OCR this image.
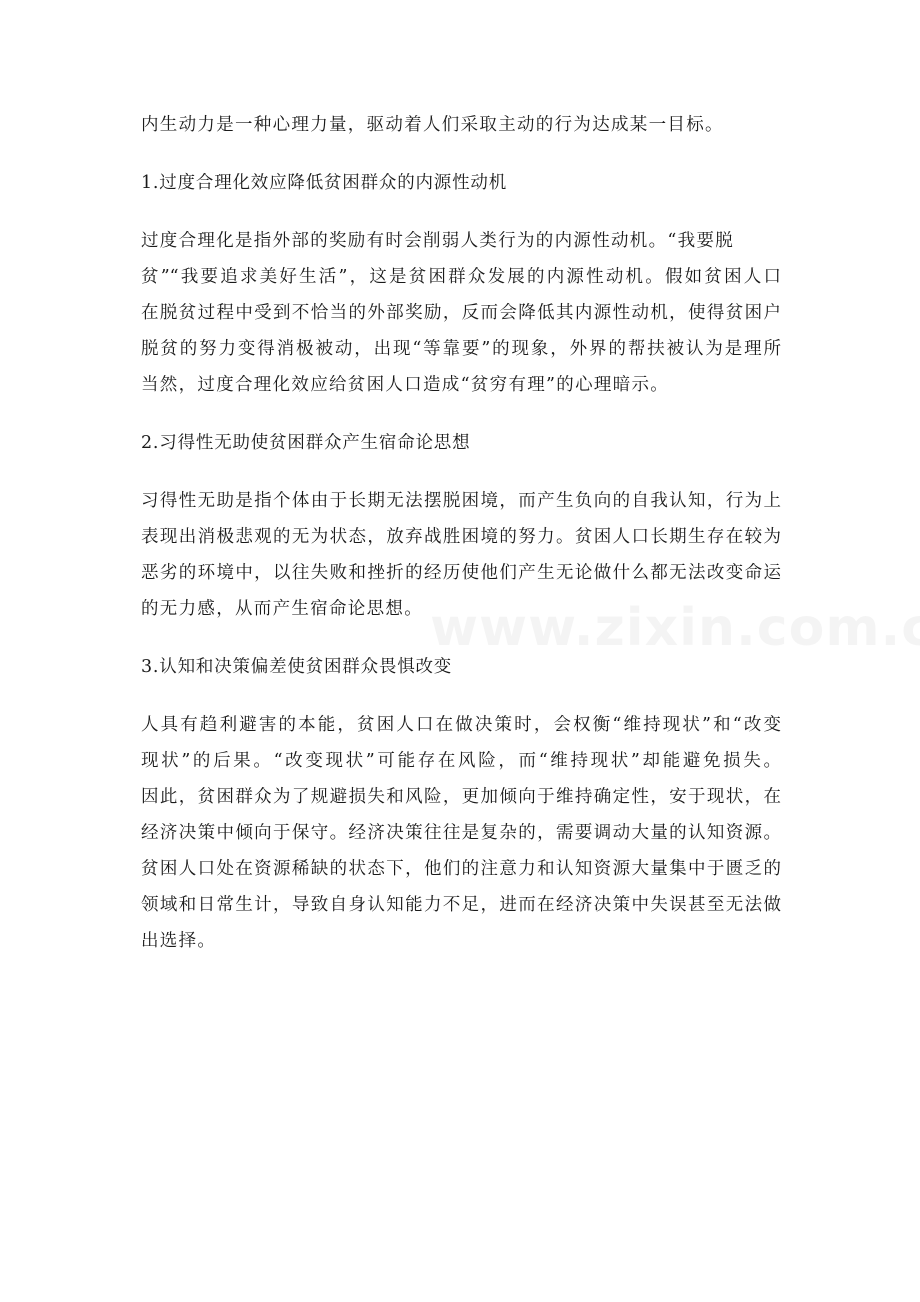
内生动力是一种心理力量，驱动着人们采取主动的行为达成某一目标。
1.过度合理化效应降低贫困群众的内源性动机
过度合理化是指外部的奖励有时会削弱人类行为的内源性动机。“我要脱
贫”“我要追求美好生活”，这是贫困群众发展的内源性动机。假如贫困人口
在脱贫过程中受到不恰当的外部奖励，反而会降低其内源性动机，使得贫困户
脱贫的努力变得消极被动，出现“等靠要”的现象，外界的帮扶被认为是理所
当然，过度合理化效应给贫困人口造成“贫穷有理”的心理暗示。
2.习得性无助使贫困群众产生宿命论思想
习得性无助是指个体由于长期无法摆脱困境，而产生负向的自我认知，行为上
表现出消极悲观的无为状态，放弃战胜困境的努力。贫困人口长期生存在较为
恶劣的环境中，以往失败和挫折的经历使他们产生无论做什么都无法改变命运
的无力感，从而产生宿命论思想。
3.认知和决策偏差使贫困群众畏惧改变
人具有趋利避害的本能，贫困人口在做决策时，会权衡“维持现状”和“改变
现状”的后果。“改变现状”可能存在风险，而“维持现状”却能避免损失。
因此，贫困群众为了规避损失和风险，更加倾向于维持确定性，安于现状，在
经济决策中倾向于保守。经济决策往往是复杂的，需要调动大量的认知资源。
贫困人口处在资源稀缺的状态下，他们的注意力和认知资源大量集中于匮乏的
领域和日常生计，导致自身认知能力不足，进而在经济决策中失误甚至无法做
出选择。
